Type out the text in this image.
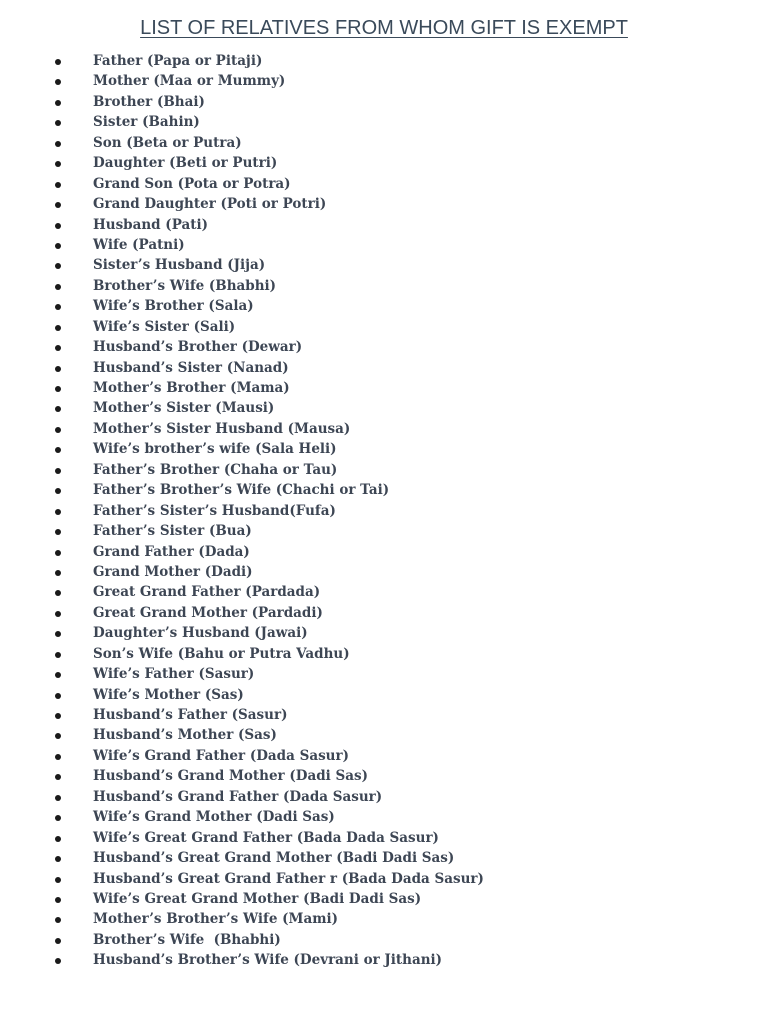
LIST OF RELATIVES FROM WHOM GIFT IS EXEMPT
Father (Papa or Pitaji)
Mother (Maa or Mummy)
Brother (Bhai)
Sister (Bahin)
Son (Beta or Putra)
Daughter (Beti or Putri)
Grand Son (Pota or Potra)
Grand Daughter (Poti or Potri)
Husband (Pati)
Wife (Patni)
Sister’s Husband (Jija)
Brother’s Wife (Bhabhi)
Wife’s Brother (Sala)
Wife’s Sister (Sali)
Husband’s Brother (Dewar)
Husband’s Sister (Nanad)
Mother’s Brother (Mama)
Mother’s Sister (Mausi)
Mother’s Sister Husband (Mausa)
Wife’s brother’s wife (Sala Heli)
Father’s Brother (Chaha or Tau)
Father’s Brother’s Wife (Chachi or Tai)
Father’s Sister’s Husband(Fufa)
Father’s Sister (Bua)
Grand Father (Dada)
Grand Mother (Dadi)
Great Grand Father (Pardada)
Great Grand Mother (Pardadi)
Daughter’s Husband (Jawai)
Son’s Wife (Bahu or Putra Vadhu)
Wife’s Father (Sasur)
Wife’s Mother (Sas)
Husband’s Father (Sasur)
Husband’s Mother (Sas)
Wife’s Grand Father (Dada Sasur)
Husband’s Grand Mother (Dadi Sas)
Husband’s Grand Father (Dada Sasur)
Wife’s Grand Mother (Dadi Sas)
Wife’s Great Grand Father (Bada Dada Sasur)
Husband’s Great Grand Mother (Badi Dadi Sas)
Husband’s Great Grand Father r (Bada Dada Sasur)
Wife’s Great Grand Mother (Badi Dadi Sas)
Mother’s Brother’s Wife (Mami)
Brother’s Wife  (Bhabhi)
Husband’s Brother’s Wife (Devrani or Jithani)
